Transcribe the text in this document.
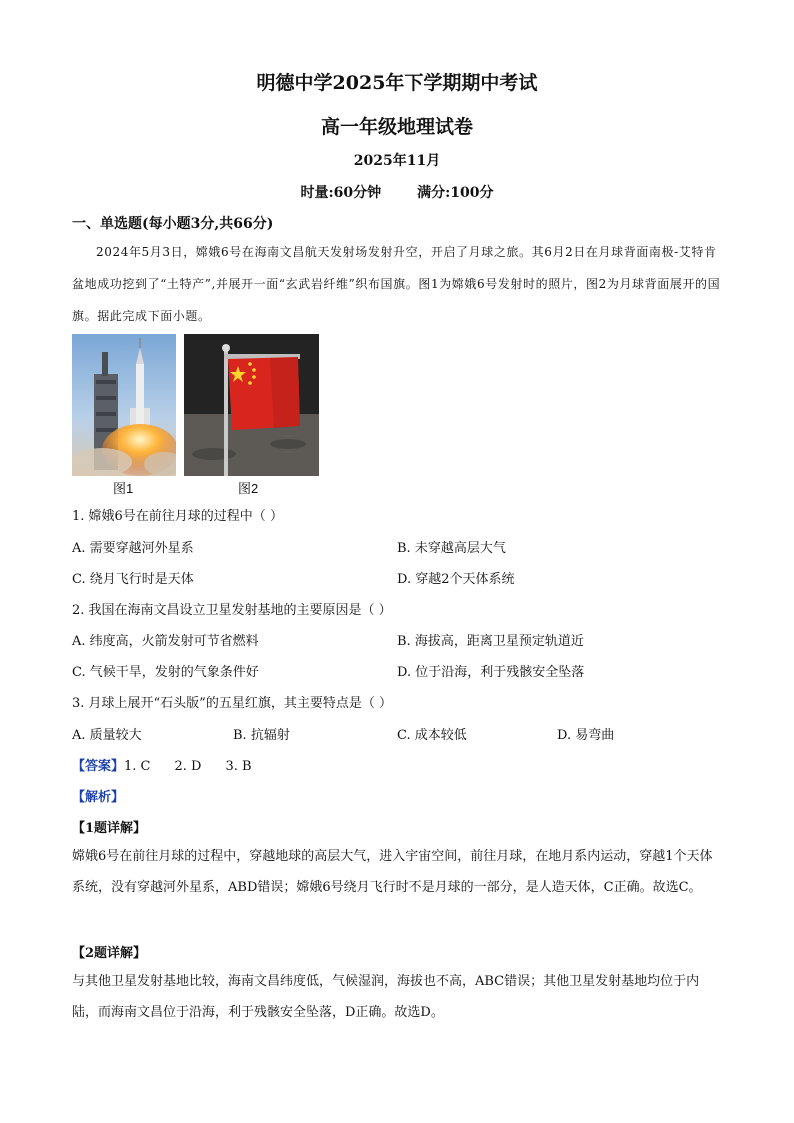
明德中学2025年下学期期中考试
高一年级地理试卷
2025年11月
时量:60分钟	满分:100分
一、单选题(每小题3分,共66分)
2024年5月3日，嫦娥6号在海南文昌航天发射场发射升空，开启了月球之旅。其6月2日在月球背面南极-艾特肯盆地成功挖到了“土特产”,并展开一面“玄武岩纤维”织布国旗。图1为嫦娥6号发射时的照片，图2为月球背面展开的国旗。据此完成下面小题。
图1	图2
1. 嫦娥6号在前往月球的过程中（ ）
A. 需要穿越河外星系	B. 未穿越高层大气
C. 绕月飞行时是天体	D. 穿越2个天体系统
2. 我国在海南文昌设立卫星发射基地的主要原因是（ ）
A. 纬度高，火箭发射可节省燃料	B. 海拔高，距离卫星预定轨道近
C. 气候干旱，发射的气象条件好	D. 位于沿海，利于残骸安全坠落
3. 月球上展开“石头版”的五星红旗，其主要特点是（ ）
A. 质量较大	B. 抗辐射	C. 成本较低	D. 易弯曲
【答案】1. C 2. D 3. B
【解析】
【1题详解】
嫦娥6号在前往月球的过程中，穿越地球的高层大气，进入宇宙空间，前往月球，在地月系内运动，穿越1个天体系统，没有穿越河外星系，ABD错误；嫦娥6号绕月飞行时不是月球的一部分，是人造天体，C正确。故选C。
【2题详解】
与其他卫星发射基地比较，海南文昌纬度低，气候湿润，海拔也不高，ABC错误；其他卫星发射基地均位于内陆，而海南文昌位于沿海，利于残骸安全坠落，D正确。故选D。
